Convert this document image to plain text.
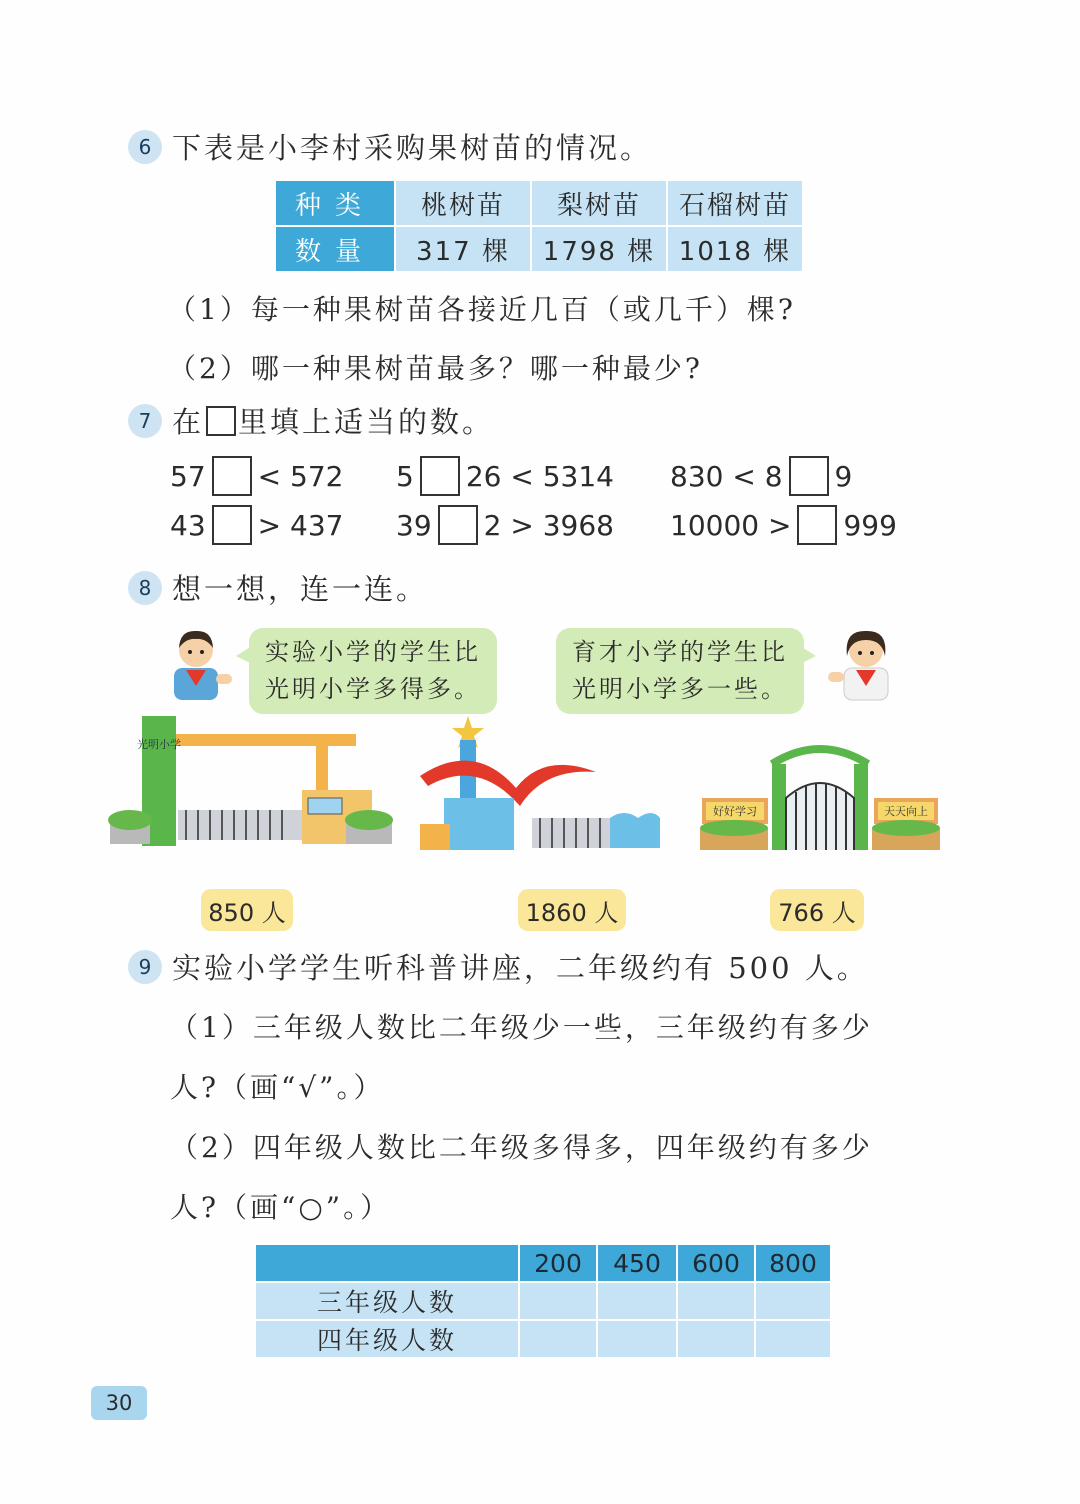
6 下表是小李村采购果树苗的情况。
种类	桃树苗	梨树苗	石榴树苗
数量	317 棵	1798 棵	1018 棵
（1）每一种果树苗各接近几百（或几千）棵?
（2）哪一种果树苗最多？哪一种最少?
7 在 里填上适当的数。
57 < 572 5 26 < 5314 830 < 8 9
43 > 437 39 2 > 3968 10000 > 999
8 想一想，连一连。
实验小学的学生比
光明小学多得多。
育才小学的学生比
光明小学多一些。
光明小学
好好学习	天天向上
850 人	1860 人	766 人
9 实验小学学生听科普讲座，二年级约有 500 人。
（1）三年级人数比二年级少一些，三年级约有多少
人?（画“√”。）
（2）四年级人数比二年级多得多，四年级约有多少
人?（画“○”。）
	200	450	600	800
三年级人数				
四年级人数				
30
